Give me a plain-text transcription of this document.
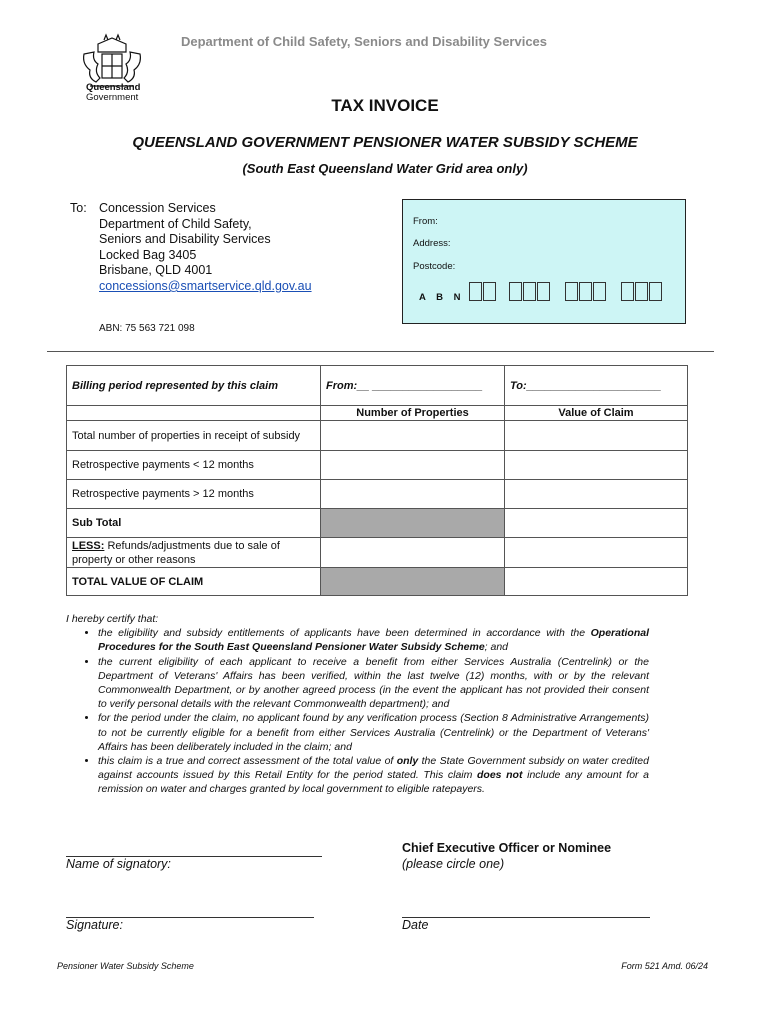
Department of Child Safety, Seniors and Disability Services
Queensland
Government	TAX INVOICE
QUEENSLAND GOVERNMENT PENSIONER WATER SUBSIDY SCHEME
(South East Queensland Water Grid area only)
To: Concession Services
Department of Child Safety,
Seniors and Disability Services
Locked Bag 3405
Brisbane, QLD 4001
concessions@smartservice.qld.gov.au
From:
Address:
Postcode:
A B N
ABN: 75 563 721 098
Billing period represented by this claim	From:__ __________________	To:______________________
	Number of Properties	Value of Claim
Total number of properties in receipt of subsidy		
Retrospective payments < 12 months		
Retrospective payments > 12 months		
Sub Total		
LESS: Refunds/adjustments due to sale of property or other reasons		
TOTAL VALUE OF CLAIM		
I hereby certify that:
• the eligibility and subsidy entitlements of applicants have been determined in accordance with the Operational Procedures for the South East Queensland Pensioner Water Subsidy Scheme; and
• the current eligibility of each applicant to receive a benefit from either Services Australia (Centrelink) or the Department of Veterans' Affairs has been verified, within the last twelve (12) months, with or by the relevant Commonwealth Department, or by another agreed process (in the event the applicant has not provided their consent to verify personal details with the relevant Commonwealth department); and
• for the period under the claim, no applicant found by any verification process (Section 8 Administrative Arrangements) to not be currently eligible for a benefit from either Services Australia (Centrelink) or the Department of Veterans' Affairs has been deliberately included in the claim; and
• this claim is a true and correct assessment of the total value of only the State Government subsidy on water credited against accounts issued by this Retail Entity for the period stated. This claim does not include any amount for a remission on water and charges granted by local government to eligible ratepayers.
Name of signatory:
Chief Executive Officer or Nominee
(please circle one)
Signature:	Date
Pensioner Water Subsidy Scheme	Form 521 Amd. 06/24
